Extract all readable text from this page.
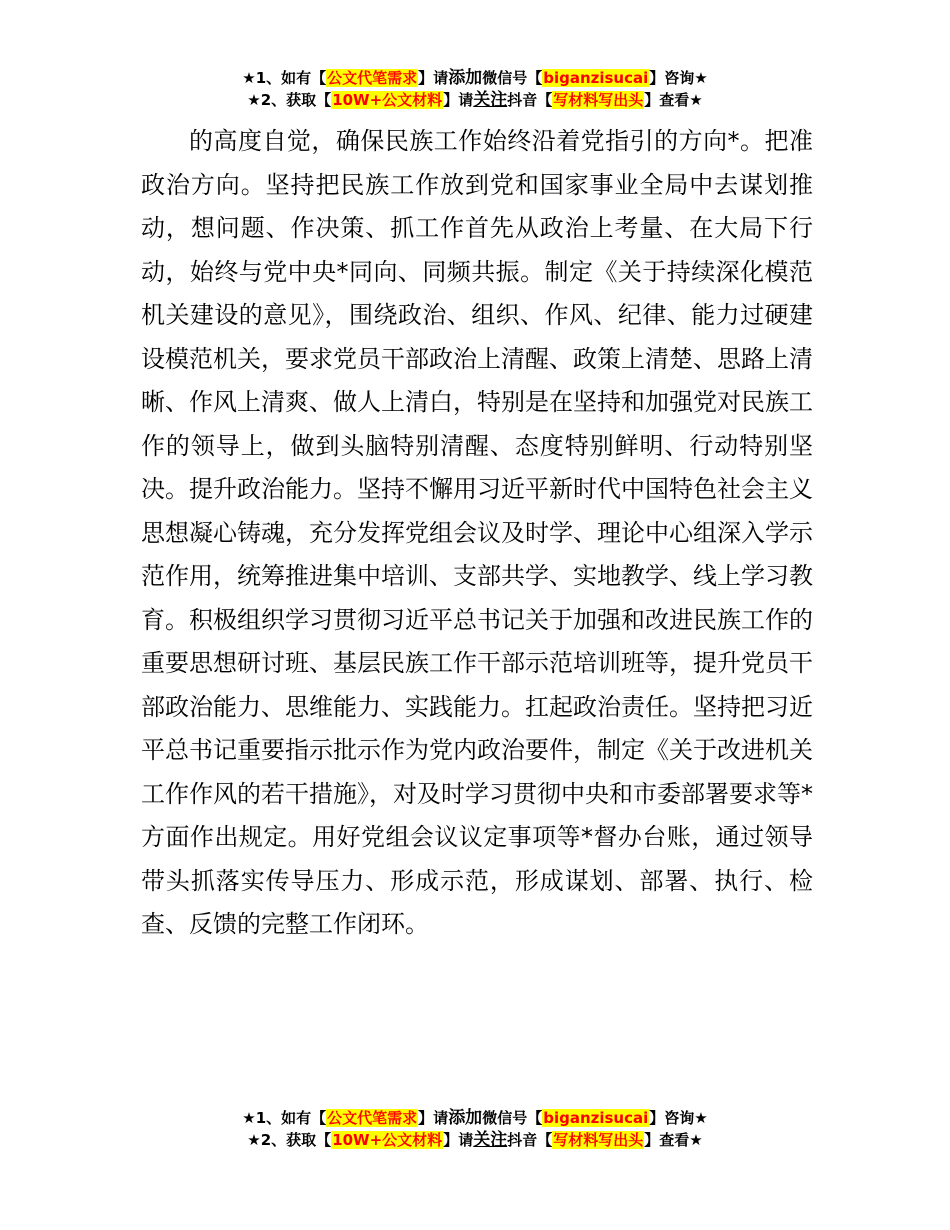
★1、如有【公文代笔需求】请添加微信号【biganzisucai】咨询★
★2、获取【10W+公文材料】请关注抖音【写材料写出头】查看★

的高度自觉，确保民族工作始终沿着党指引的方向*。把准政治方向。坚持把民族工作放到党和国家事业全局中去谋划推动，想问题、作决策、抓工作首先从政治上考量、在大局下行动，始终与党中央*同向、同频共振。制定《关于持续深化模范机关建设的意见》，围绕政治、组织、作风、纪律、能力过硬建设模范机关，要求党员干部政治上清醒、政策上清楚、思路上清晰、作风上清爽、做人上清白，特别是在坚持和加强党对民族工作的领导上，做到头脑特别清醒、态度特别鲜明、行动特别坚决。提升政治能力。坚持不懈用习近平新时代中国特色社会主义思想凝心铸魂，充分发挥党组会议及时学、理论中心组深入学示范作用，统筹推进集中培训、支部共学、实地教学、线上学习教育。积极组织学习贯彻习近平总书记关于加强和改进民族工作的重要思想研讨班、基层民族工作干部示范培训班等，提升党员干部政治能力、思维能力、实践能力。扛起政治责任。坚持把习近平总书记重要指示批示作为党内政治要件，制定《关于改进机关工作作风的若干措施》，对及时学习贯彻中央和市委部署要求等*方面作出规定。用好党组会议议定事项等*督办台账，通过领导带头抓落实传导压力、形成示范，形成谋划、部署、执行、检查、反馈的完整工作闭环。

★1、如有【公文代笔需求】请添加微信号【biganzisucai】咨询★
★2、获取【10W+公文材料】请关注抖音【写材料写出头】查看★
